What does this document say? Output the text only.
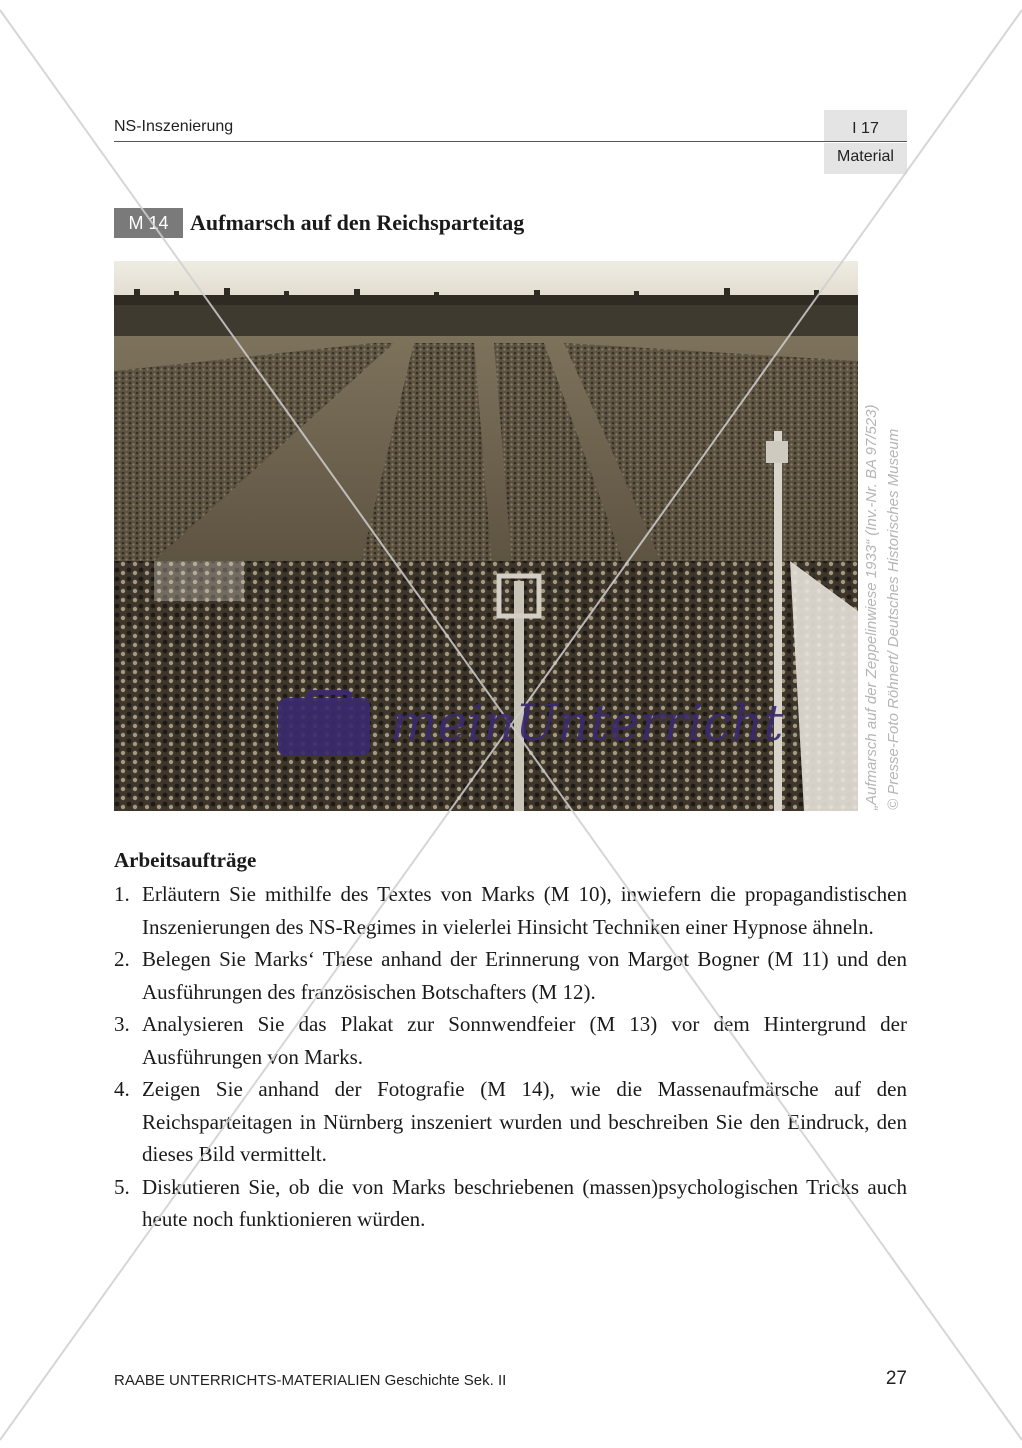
NS-Inszenierung	I 17
Material
M 14 Aufmarsch auf den Reichsparteitag
„Aufmarsch auf der Zeppelinwiese 1933“ (Inv.-Nr. BA 97/523) © Presse-Foto Röhnert/ Deutsches Historisches Museum
Arbeitsaufträge
1. Erläutern Sie mithilfe des Textes von Marks (M 10), inwiefern die propagandistischen Inszenierungen des NS-Regimes in vielerlei Hinsicht Techniken einer Hypnose ähneln.
2. Belegen Sie Marks‘ These anhand der Erinnerung von Margot Bogner (M 11) und den Ausführungen des französischen Botschafters (M 12).
3. Analysieren Sie das Plakat zur Sonnwendfeier (M 13) vor dem Hintergrund der Ausführungen von Marks.
4. Zeigen Sie anhand der Fotografie (M 14), wie die Massenaufmärsche auf den Reichsparteitagen in Nürnberg inszeniert wurden und beschreiben Sie den Eindruck, den dieses Bild vermittelt.
5. Diskutieren Sie, ob die von Marks beschriebenen (massen)psychologischen Tricks auch heute noch funktionieren würden.
RAABE UNTERRICHTS-MATERIALIEN Geschichte Sek. II	27
meinUnterricht
